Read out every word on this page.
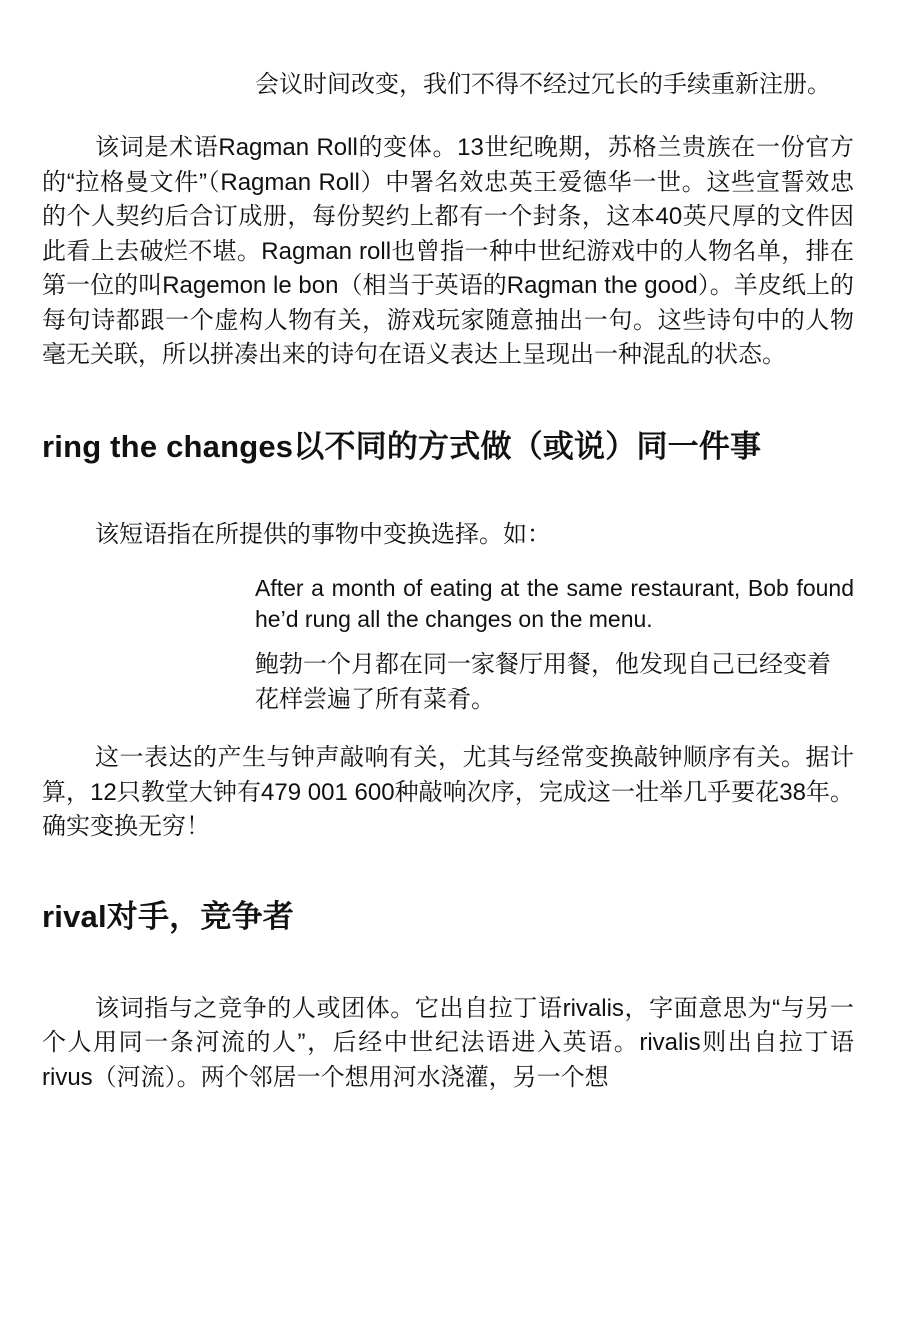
会议时间改变，我们不得不经过冗长的手续重新注册。

该词是术语Ragman Roll的变体。13世纪晚期，苏格兰贵族在一份官方的“拉格曼文件”（Ragman Roll）中署名效忠英王爱德华一世。这些宣誓效忠的个人契约后合订成册，每份契约上都有一个封条，这本40英尺厚的文件因此看上去破烂不堪。Ragman roll也曾指一种中世纪游戏中的人物名单，排在第一位的叫Ragemon le bon（相当于英语的Ragman the good）。羊皮纸上的每句诗都跟一个虚构人物有关，游戏玩家随意抽出一句。这些诗句中的人物毫无关联，所以拼凑出来的诗句在语义表达上呈现出一种混乱的状态。

ring the changes以不同的方式做（或说）同一件事

该短语指在所提供的事物中变换选择。如：

After a month of eating at the same restaurant, Bob found he’d rung all the changes on the menu.

鲍勃一个月都在同一家餐厅用餐，他发现自己已经变着花样尝遍了所有菜肴。

这一表达的产生与钟声敲响有关，尤其与经常变换敲钟顺序有关。据计算，12只教堂大钟有479 001 600种敲响次序，完成这一壮举几乎要花38年。确实变换无穷！

rival对手，竞争者

该词指与之竞争的人或团体。它出自拉丁语rivalis，字面意思为“与另一个人用同一条河流的人”，后经中世纪法语进入英语。rivalis则出自拉丁语rivus（河流）。两个邻居一个想用河水浇灌，另一个想
